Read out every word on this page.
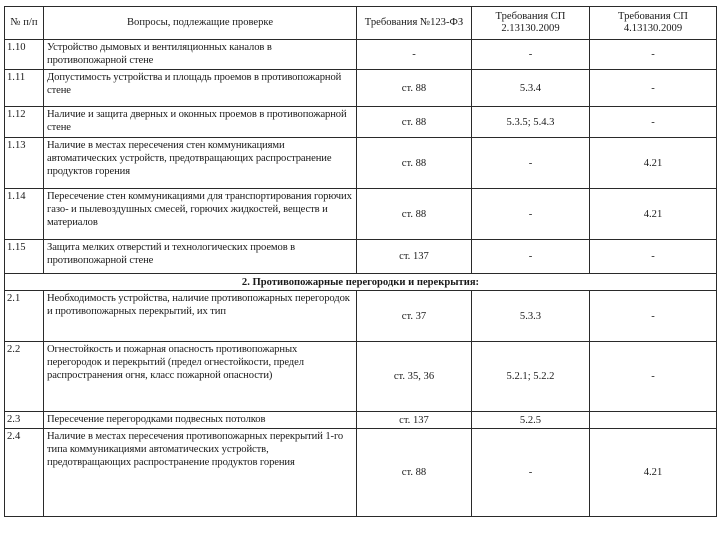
№ п/п	Вопросы, подлежащие проверке	Требования №123-ФЗ	Требования СП 2.13130.2009	Требования СП 4.13130.2009
1.10	Устройство дымовых и вентиляционных каналов в противопожарной стене	-	-	-
1.11	Допустимость устройства и площадь проемов в противопожарной стене	ст. 88	5.3.4	-
1.12	Наличие и защита дверных и оконных проемов в противопожарной стене	ст. 88	5.3.5; 5.4.3	-
1.13	Наличие в местах пересечения стен коммуникациями автоматических устройств, предотвращающих распространение продуктов горения	ст. 88	-	4.21
1.14	Пересечение стен коммуникациями для транспортирования горючих газо- и пылевоздушных смесей, горючих жидкостей, веществ и материалов	ст. 88	-	4.21
1.15	Защита мелких отверстий и технологических проемов в противопожарной стене	ст. 137	-	-
2. Противопожарные перегородки и перекрытия:				
2.1	Необходимость устройства, наличие противопожарных перегородок и противопожарных перекрытий, их тип	ст. 37	5.3.3	-
2.2	Огнестойкость и пожарная опасность противопожарных перегородок и перекрытий (предел огнестойкости, предел распространения огня, класс пожарной опасности)	ст. 35, 36	5.2.1; 5.2.2	-
2.3	Пересечение перегородками подвесных потолков	ст. 137	5.2.5	
2.4	Наличие в местах пересечения противопожарных перекрытий 1-го типа коммуникациями автоматических устройств, предотвращающих распространение продуктов горения	ст. 88	-	4.21
